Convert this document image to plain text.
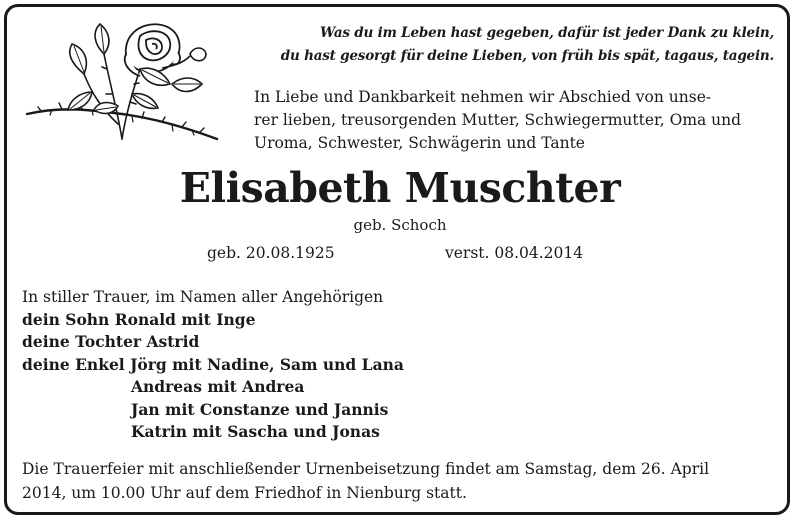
Was du im Leben hast gegeben, dafür ist jeder Dank zu klein,
du hast gesorgt für deine Lieben, von früh bis spät, tagaus, tagein.
In Liebe und Dankbarkeit nehmen wir Abschied von unse-
rer lieben, treusorgenden Mutter, Schwiegermutter, Oma und
Uroma, Schwester, Schwägerin und Tante
Elisabeth Muschter
geb. Schoch
geb. 20.08.1925	verst. 08.04.2014
In stiller Trauer, im Namen aller Angehörigen
dein Sohn Ronald mit Inge
deine Tochter Astrid
deine Enkel Jörg mit Nadine, Sam und Lana
Andreas mit Andrea
Jan mit Constanze und Jannis
Katrin mit Sascha und Jonas
Die Trauerfeier mit anschließender Urnenbeisetzung findet am Samstag, dem 26. April
2014, um 10.00 Uhr auf dem Friedhof in Nienburg statt.
